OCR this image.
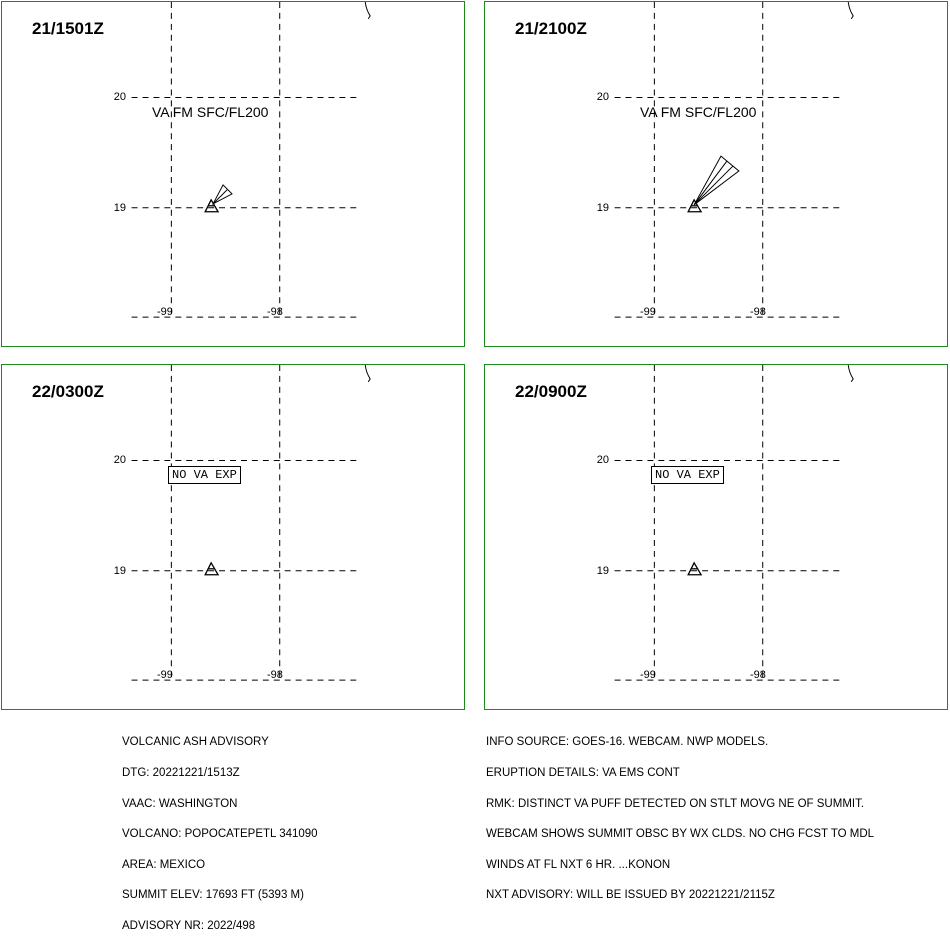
21/1501Z
20
19
-99	-98
VA FM SFC/FL200
21/2100Z
20
19
-99	-98
VA FM SFC/FL200
22/0300Z
20
19
-99	-98
NO VA EXP
22/0900Z
20
19
-99	-98
NO VA EXP

VOLCANIC ASH ADVISORY

DTG: 20221221/1513Z

VAAC: WASHINGTON

VOLCANO: POPOCATEPETL 341090

AREA: MEXICO

SUMMIT ELEV: 17693 FT (5393 M)

ADVISORY NR: 2022/498

INFO SOURCE: GOES-16. WEBCAM. NWP MODELS.

ERUPTION DETAILS: VA EMS CONT

RMK: DISTINCT VA PUFF DETECTED ON STLT MOVG NE OF SUMMIT.

WEBCAM SHOWS SUMMIT OBSC BY WX CLDS. NO CHG FCST TO MDL

WINDS AT FL NXT 6 HR. ...KONON

NXT ADVISORY: WILL BE ISSUED BY 20221221/2115Z
